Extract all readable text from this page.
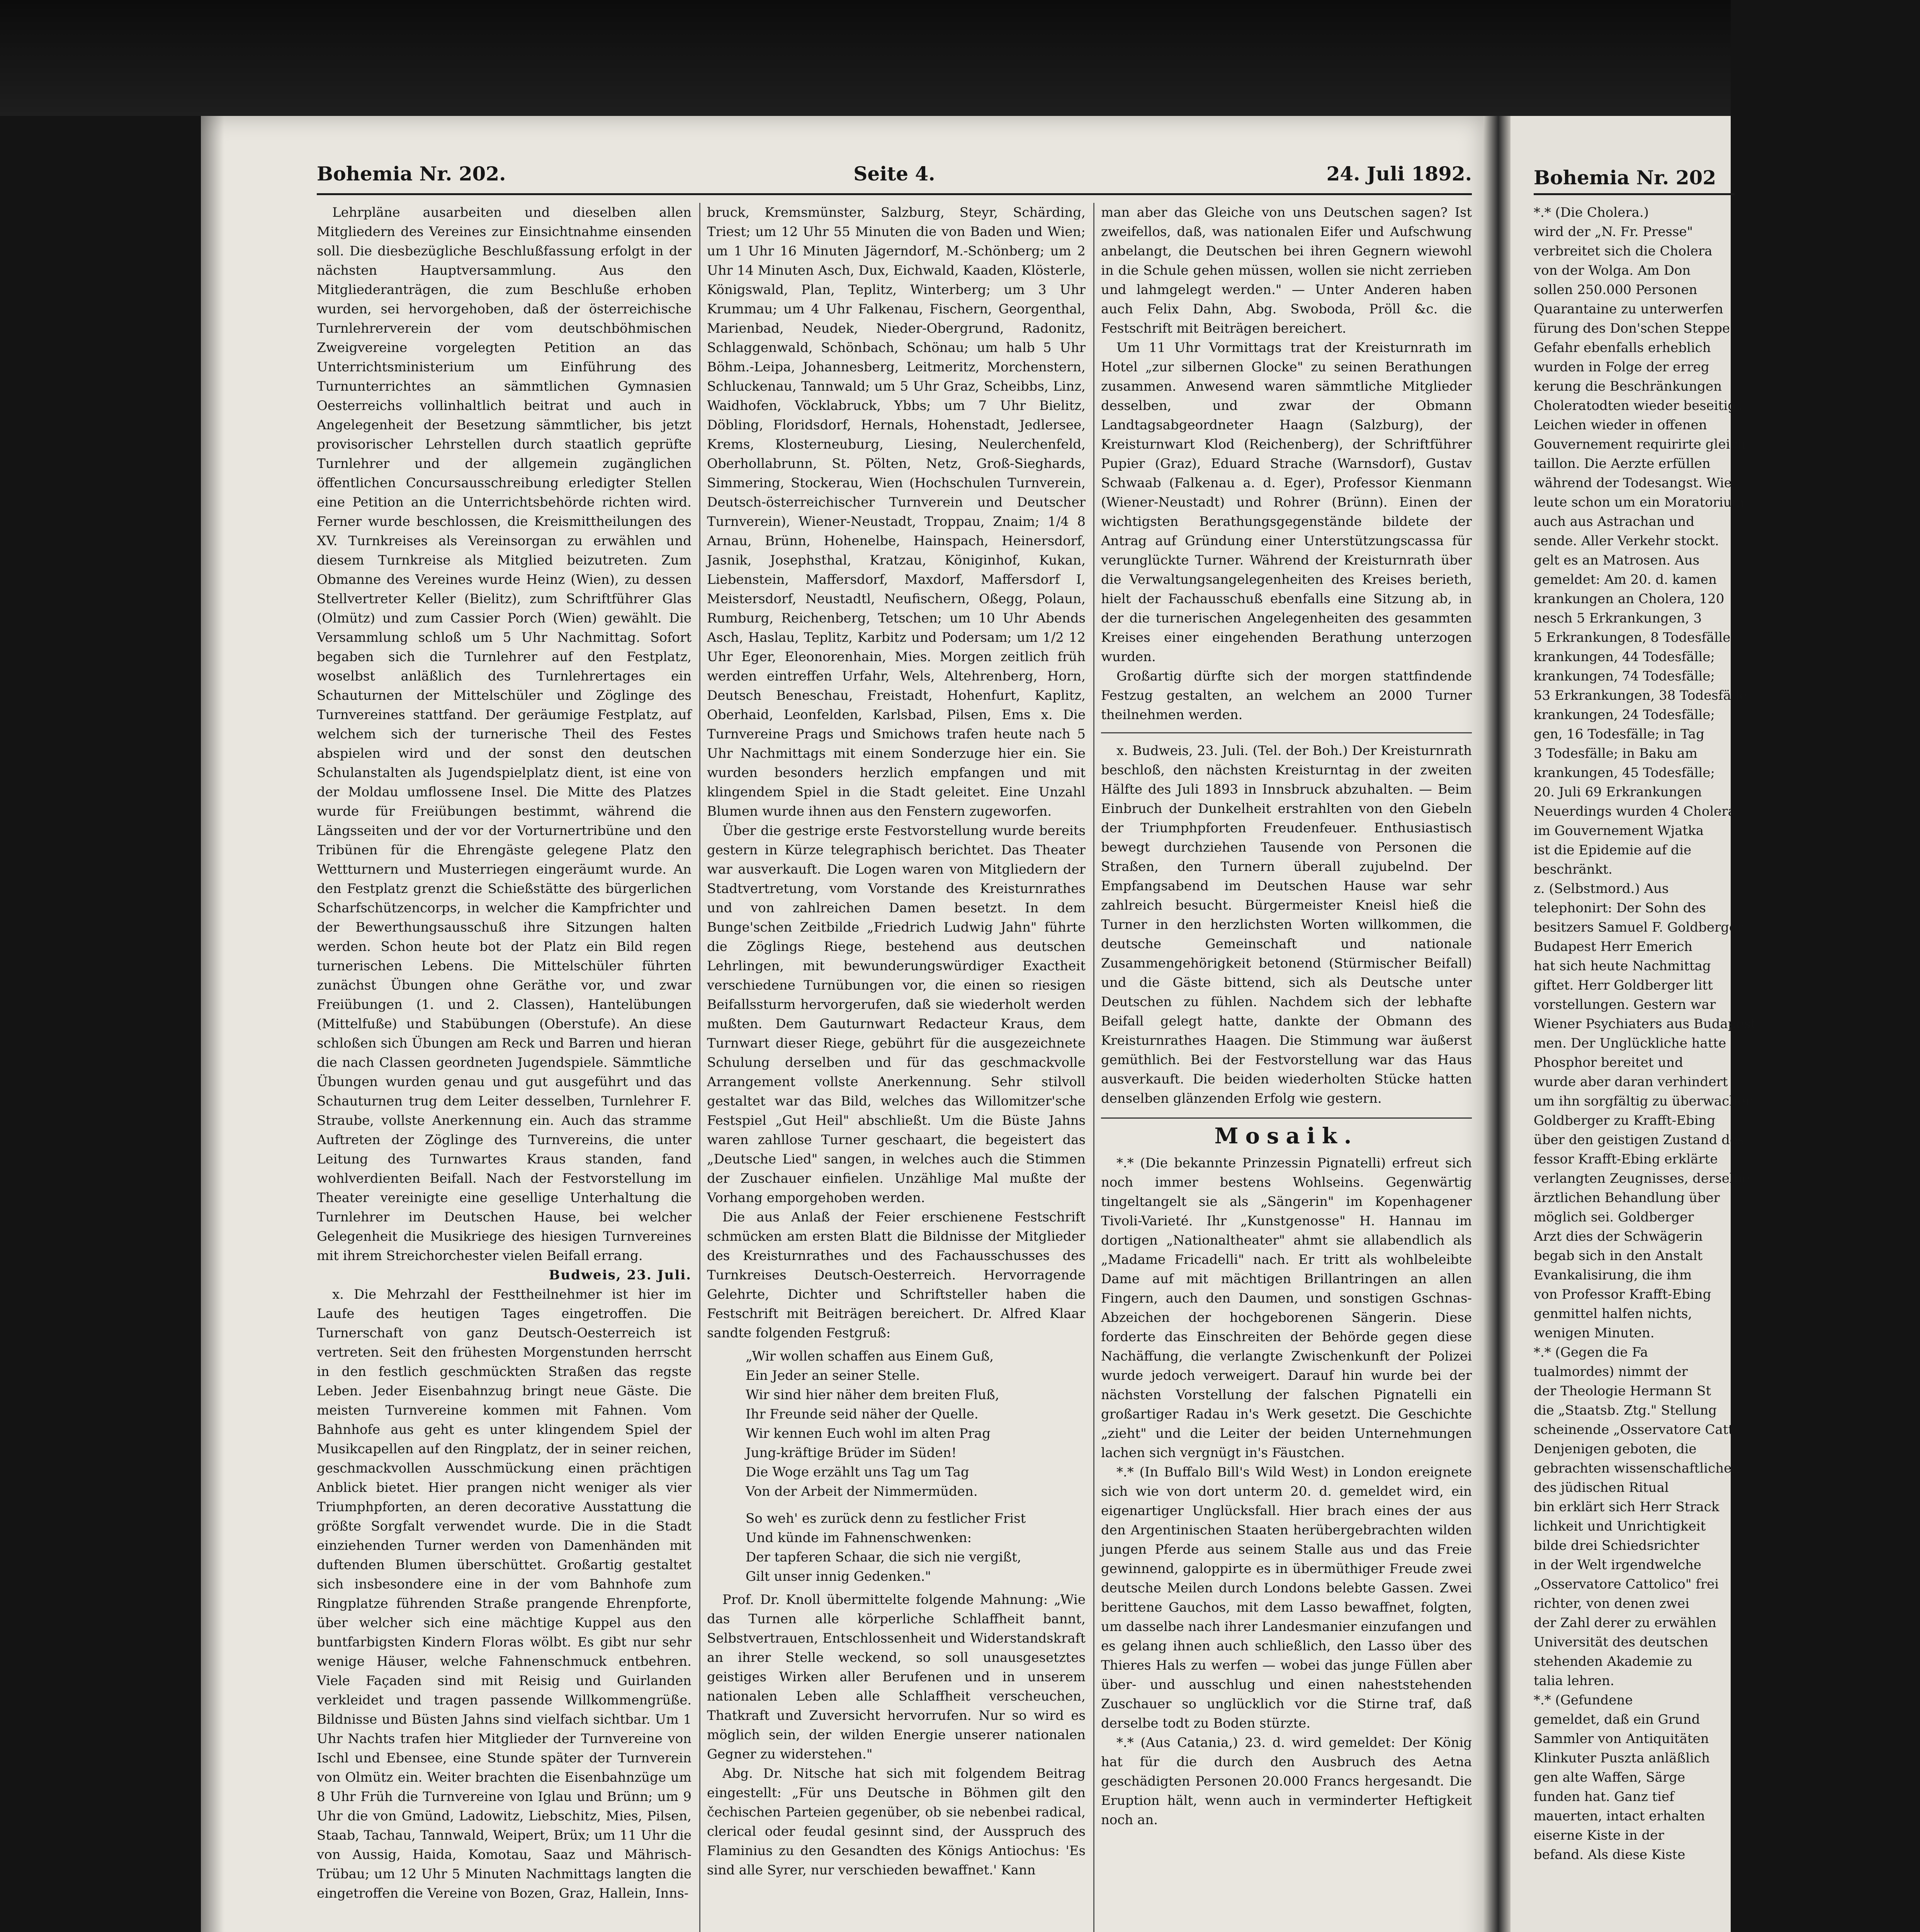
Bohemia Nr. 202.	Seite 4.	24. Juli 1892.

Lehrpläne ausarbeiten und dieselben allen Mitgliedern des Vereines zur Einsichtnahme einsenden soll. Die diesbezügliche Beschlußfassung erfolgt in der nächsten Hauptversammlung. Aus den Mitgliederanträgen, die zum Beschluße erhoben wurden, sei hervorgehoben, daß der österreichische Turnlehrerverein der vom deutschböhmischen Zweigvereine vorgelegten Petition an das Unterrichtsministerium um Einführung des Turnunterrichtes an sämmtlichen Gymnasien Oesterreichs vollinhaltlich beitrat und auch in Angelegenheit der Besetzung sämmtlicher, bis jetzt provisorischer Lehrstellen durch staatlich geprüfte Turnlehrer und der allgemein zugänglichen öffentlichen Concursausschreibung erledigter Stellen eine Petition an die Unterrichtsbehörde richten wird. Ferner wurde beschlossen, die Kreismittheilungen des XV. Turnkreises als Vereinsorgan zu erwählen und diesem Turnkreise als Mitglied beizutreten. Zum Obmanne des Vereines wurde Heinz (Wien), zu dessen Stellvertreter Keller (Bielitz), zum Schriftführer Glas (Olmütz) und zum Cassier Porch (Wien) gewählt. Die Versammlung schloß um 5 Uhr Nachmittag. Sofort begaben sich die Turnlehrer auf den Festplatz, woselbst anläßlich des Turnlehrertages ein Schauturnen der Mittelschüler und Zöglinge des Turnvereines stattfand. Der geräumige Festplatz, auf welchem sich der turnerische Theil des Festes abspielen wird und der sonst den deutschen Schulanstalten als Jugendspielplatz dient, ist eine von der Moldau umflossene Insel. Die Mitte des Platzes wurde für Freiübungen bestimmt, während die Längsseiten und der vor der Vorturnertribüne und den Tribünen für die Ehrengäste gelegene Platz den Wettturnern und Musterriegen eingeräumt wurde. An den Festplatz grenzt die Schießstätte des bürgerlichen Scharfschützencorps, in welcher die Kampfrichter und der Bewerthungsausschuß ihre Sitzungen halten werden. Schon heute bot der Platz ein Bild regen turnerischen Lebens. Die Mittelschüler führten zunächst Übungen ohne Geräthe vor, und zwar Freiübungen (1. und 2. Classen), Hantelübungen (Mittelfuße) und Stabübungen (Oberstufe). An diese schloßen sich Übungen am Reck und Barren und hieran die nach Classen geordneten Jugendspiele. Sämmtliche Übungen wurden genau und gut ausgeführt und das Schauturnen trug dem Leiter desselben, Turnlehrer F. Straube, vollste Anerkennung ein. Auch das stramme Auftreten der Zöglinge des Turnvereins, die unter Leitung des Turnwartes Kraus standen, fand wohlverdienten Beifall. Nach der Festvorstellung im Theater vereinigte eine gesellige Unterhaltung die Turnlehrer im Deutschen Hause, bei welcher Gelegenheit die Musikriege des hiesigen Turnvereines mit ihrem Streichorchester vielen Beifall errang.

Budweis, 23. Juli.

x. Die Mehrzahl der Festtheilnehmer ist hier im Laufe des heutigen Tages eingetroffen. Die Turnerschaft von ganz Deutsch-Oesterreich ist vertreten. Seit den frühesten Morgenstunden herrscht in den festlich geschmückten Straßen das regste Leben. Jeder Eisenbahnzug bringt neue Gäste. Die meisten Turnvereine kommen mit Fahnen. Vom Bahnhofe aus geht es unter klingendem Spiel der Musikcapellen auf den Ringplatz, der in seiner reichen, geschmackvollen Ausschmückung einen prächtigen Anblick bietet. Hier prangen nicht weniger als vier Triumphpforten, an deren decorative Ausstattung die größte Sorgfalt verwendet wurde. Die in die Stadt einziehenden Turner werden von Damenhänden mit duftenden Blumen überschüttet. Großartig gestaltet sich insbesondere eine in der vom Bahnhofe zum Ringplatze führenden Straße prangende Ehrenpforte, über welcher sich eine mächtige Kuppel aus den buntfarbigsten Kindern Floras wölbt. Es gibt nur sehr wenige Häuser, welche Fahnenschmuck entbehren. Viele Façaden sind mit Reisig und Guirlanden verkleidet und tragen passende Willkommengrüße. Bildnisse und Büsten Jahns sind vielfach sichtbar. Um 1 Uhr Nachts trafen hier Mitglieder der Turnvereine von Ischl und Ebensee, eine Stunde später der Turnverein von Olmütz ein. Weiter brachten die Eisenbahnzüge um 8 Uhr Früh die Turnvereine von Iglau und Brünn; um 9 Uhr die von Gmünd, Ladowitz, Liebschitz, Mies, Pilsen, Staab, Tachau, Tannwald, Weipert, Brüx; um 11 Uhr die von Aussig, Haida, Komotau, Saaz und Mährisch-Trübau; um 12 Uhr 5 Minuten Nachmittags langten die eingetroffen die Vereine von Bozen, Graz, Hallein, Inns-

bruck, Kremsmünster, Salzburg, Steyr, Schärding, Triest; um 12 Uhr 55 Minuten die von Baden und Wien; um 1 Uhr 16 Minuten Jägerndorf, M.-Schönberg; um 2 Uhr 14 Minuten Asch, Dux, Eichwald, Kaaden, Klösterle, Königswald, Plan, Teplitz, Winterberg; um 3 Uhr Krummau; um 4 Uhr Falkenau, Fischern, Georgenthal, Marienbad, Neudek, Nieder-Obergrund, Radonitz, Schlaggenwald, Schönbach, Schönau; um halb 5 Uhr Böhm.-Leipa, Johannesberg, Leitmeritz, Morchenstern, Schluckenau, Tannwald; um 5 Uhr Graz, Scheibbs, Linz, Waidhofen, Vöcklabruck, Ybbs; um 7 Uhr Bielitz, Döbling, Floridsdorf, Hernals, Hohenstadt, Jedlersee, Krems, Klosterneuburg, Liesing, Neulerchenfeld, Oberhollabrunn, St. Pölten, Netz, Groß-Sieghards, Simmering, Stockerau, Wien (Hochschulen Turnverein, Deutsch-österreichischer Turnverein und Deutscher Turnverein), Wiener-Neustadt, Troppau, Znaim; 1/4 8 Arnau, Brünn, Hohenelbe, Hainspach, Heinersdorf, Jasnik, Josephsthal, Kratzau, Königinhof, Kukan, Liebenstein, Maffersdorf, Maxdorf, Maffersdorf I, Meistersdorf, Neustadtl, Neufischern, Oßegg, Polaun, Rumburg, Reichenberg, Tetschen; um 10 Uhr Abends Asch, Haslau, Teplitz, Karbitz und Podersam; um 1/2 12 Uhr Eger, Eleonorenhain, Mies. Morgen zeitlich früh werden eintreffen Urfahr, Wels, Altehrenberg, Horn, Deutsch Beneschau, Freistadt, Hohenfurt, Kaplitz, Oberhaid, Leonfelden, Karlsbad, Pilsen, Ems x. Die Turnvereine Prags und Smichows trafen heute nach 5 Uhr Nachmittags mit einem Sonderzuge hier ein. Sie wurden besonders herzlich empfangen und mit klingendem Spiel in die Stadt geleitet. Eine Unzahl Blumen wurde ihnen aus den Fenstern zugeworfen.

Über die gestrige erste Festvorstellung wurde bereits gestern in Kürze telegraphisch berichtet. Das Theater war ausverkauft. Die Logen waren von Mitgliedern der Stadtvertretung, vom Vorstande des Kreisturnrathes und von zahlreichen Damen besetzt. In dem Bunge'schen Zeitbilde „Friedrich Ludwig Jahn" führte die Zöglings Riege, bestehend aus deutschen Lehrlingen, mit bewunderungswürdiger Exactheit verschiedene Turnübungen vor, die einen so riesigen Beifallssturm hervorgerufen, daß sie wiederholt werden mußten. Dem Gauturnwart Redacteur Kraus, dem Turnwart dieser Riege, gebührt für die ausgezeichnete Schulung derselben und für das geschmackvolle Arrangement vollste Anerkennung. Sehr stilvoll gestaltet war das Bild, welches das Willomitzer'sche Festspiel „Gut Heil" abschließt. Um die Büste Jahns waren zahllose Turner geschaart, die begeistert das „Deutsche Lied" sangen, in welches auch die Stimmen der Zuschauer einfielen. Unzählige Mal mußte der Vorhang emporgehoben werden.

Die aus Anlaß der Feier erschienene Festschrift schmücken am ersten Blatt die Bildnisse der Mitglieder des Kreisturnrathes und des Fachausschusses des Turnkreises Deutsch-Oesterreich. Hervorragende Gelehrte, Dichter und Schriftsteller haben die Festschrift mit Beiträgen bereichert. Dr. Alfred Klaar sandte folgenden Festgruß:

„Wir wollen schaffen aus Einem Guß,
Ein Jeder an seiner Stelle.
Wir sind hier näher dem breiten Fluß,
Ihr Freunde seid näher der Quelle.
Wir kennen Euch wohl im alten Prag
Jung-kräftige Brüder im Süden!
Die Woge erzählt uns Tag um Tag
Von der Arbeit der Nimmermüden.
So weh' es zurück denn zu festlicher Frist
Und künde im Fahnenschwenken:
Der tapferen Schaar, die sich nie vergißt,
Gilt unser innig Gedenken."

Prof. Dr. Knoll übermittelte folgende Mahnung: „Wie das Turnen alle körperliche Schlaffheit bannt, Selbstvertrauen, Entschlossenheit und Widerstandskraft an ihrer Stelle weckend, so soll unausgesetztes geistiges Wirken aller Berufenen und in unserem nationalen Leben alle Schlaffheit verscheuchen, Thatkraft und Zuversicht hervorrufen. Nur so wird es möglich sein, der wilden Energie unserer nationalen Gegner zu widerstehen."

Abg. Dr. Nitsche hat sich mit folgendem Beitrag eingestellt: „Für uns Deutsche in Böhmen gilt den čechischen Parteien gegenüber, ob sie nebenbei radical, clerical oder feudal gesinnt sind, der Ausspruch des Flaminius zu den Gesandten des Königs Antiochus: 'Es sind alle Syrer, nur verschieden bewaffnet.' Kann

man aber das Gleiche von uns Deutschen sagen? Ist zweifellos, daß, was nationalen Eifer und Aufschwung anbelangt, die Deutschen bei ihren Gegnern wiewohl in die Schule gehen müssen, wollen sie nicht zerrieben und lahmgelegt werden." — Unter Anderen haben auch Felix Dahn, Abg. Swoboda, Pröll &c. die Festschrift mit Beiträgen bereichert.

Um 11 Uhr Vormittags trat der Kreisturnrath im Hotel „zur silbernen Glocke" zu seinen Berathungen zusammen. Anwesend waren sämmtliche Mitglieder desselben, und zwar der Obmann Landtagsabgeordneter Haagn (Salzburg), der Kreisturnwart Klod (Reichenberg), der Schriftführer Pupier (Graz), Eduard Strache (Warnsdorf), Gustav Schwaab (Falkenau a. d. Eger), Professor Kienmann (Wiener-Neustadt) und Rohrer (Brünn). Einen der wichtigsten Berathungsgegenstände bildete der Antrag auf Gründung einer Unterstützungscassa für verunglückte Turner. Während der Kreisturnrath über die Verwaltungsangelegenheiten des Kreises berieth, hielt der Fachausschuß ebenfalls eine Sitzung ab, in der die turnerischen Angelegenheiten des gesammten Kreises einer eingehenden Berathung unterzogen wurden.

Großartig dürfte sich der morgen stattfindende Festzug gestalten, an welchem an 2000 Turner theilnehmen werden.

x. Budweis, 23. Juli. (Tel. der Boh.) Der Kreisturnrath beschloß, den nächsten Kreisturntag in der zweiten Hälfte des Juli 1893 in Innsbruck abzuhalten. — Beim Einbruch der Dunkelheit erstrahlten von den Giebeln der Triumphpforten Freudenfeuer. Enthusiastisch bewegt durchziehen Tausende von Personen die Straßen, den Turnern überall zujubelnd. Der Empfangsabend im Deutschen Hause war sehr zahlreich besucht. Bürgermeister Kneisl hieß die Turner in den herzlichsten Worten willkommen, die deutsche Gemeinschaft und nationale Zusammengehörigkeit betonend (Stürmischer Beifall) und die Gäste bittend, sich als Deutsche unter Deutschen zu fühlen. Nachdem sich der lebhafte Beifall gelegt hatte, dankte der Obmann des Kreisturnrathes Haagen. Die Stimmung war äußerst gemüthlich. Bei der Festvorstellung war das Haus ausverkauft. Die beiden wiederholten Stücke hatten denselben glänzenden Erfolg wie gestern.

Mosaik.

*.* (Die bekannte Prinzessin Pignatelli) erfreut sich noch immer bestens Wohlseins. Gegenwärtig tingeltangelt sie als „Sängerin" im Kopenhagener Tivoli-Varieté. Ihr „Kunstgenosse" H. Hannau im dortigen „Nationaltheater" ahmt sie allabendlich als „Madame Fricadelli" nach. Er tritt als wohlbeleibte Dame auf mit mächtigen Brillantringen an allen Fingern, auch den Daumen, und sonstigen Gschnas-Abzeichen der hochgeborenen Sängerin. Diese forderte das Einschreiten der Behörde gegen diese Nachäffung, die verlangte Zwischenkunft der Polizei wurde jedoch verweigert. Darauf hin wurde bei der nächsten Vorstellung der falschen Pignatelli ein großartiger Radau in's Werk gesetzt. Die Geschichte „zieht" und die Leiter der beiden Unternehmungen lachen sich vergnügt in's Fäustchen.

*.* (In Buffalo Bill's Wild West) in London ereignete sich wie von dort unterm 20. d. gemeldet wird, ein eigenartiger Unglücksfall. Hier brach eines der aus den Argentinischen Staaten herübergebrachten wilden jungen Pferde aus seinem Stalle aus und das Freie gewinnend, galoppirte es in übermüthiger Freude zwei deutsche Meilen durch Londons belebte Gassen. Zwei berittene Gauchos, mit dem Lasso bewaffnet, folgten, um dasselbe nach ihrer Landesmanier einzufangen und es gelang ihnen auch schließlich, den Lasso über des Thieres Hals zu werfen — wobei das junge Füllen aber über- und ausschlug und einen naheststehenden Zuschauer so unglücklich vor die Stirne traf, daß derselbe todt zu Boden stürzte.

*.* (Aus Catania,) 23. d. wird gemeldet: Der König hat für die durch den Ausbruch des Aetna geschädigten Personen 20.000 Francs hergesandt. Die Eruption hält, wenn auch in verminderter Heftigkeit noch an.

Bohemia Nr. 202
*.* (Die Cholera.)
wird der „N. Fr. Presse"
verbreitet sich die Cholera
von der Wolga. Am Don
sollen 250.000 Personen
Quarantaine zu unterwerfen
fürung des Don'schen Steppe
Gefahr ebenfalls erheblich
wurden in Folge der erreg
kerung die Beschränkungen
Choleratodten wieder beseitigt
Leichen wieder in offenen
Gouvernement requirirte gleich
taillon. Die Aerzte erfüllen
während der Todesangst. Wie
leute schon um ein Moratorium
auch aus Astrachan und
sende. Aller Verkehr stockt.
gelt es an Matrosen. Aus
gemeldet: Am 20. d. kamen
krankungen an Cholera, 120
nesch 5 Erkrankungen, 3
5 Erkrankungen, 8 Todesfälle
krankungen, 44 Todesfälle;
krankungen, 74 Todesfälle;
53 Erkrankungen, 38 Todesfälle
krankungen, 24 Todesfälle;
gen, 16 Todesfälle; in Tag
3 Todesfälle; in Baku am
krankungen, 45 Todesfälle;
20. Juli 69 Erkrankungen
Neuerdings wurden 4 Cholera
im Gouvernement Wjatka
ist die Epidemie auf die
beschränkt.
z. (Selbstmord.) Aus
telephonirt: Der Sohn des
besitzers Samuel F. Goldberger
Budapest Herr Emerich
hat sich heute Nachmittag
giftet. Herr Goldberger litt
vorstellungen. Gestern war
Wiener Psychiaters aus Budapest
men. Der Unglückliche hatte
Phosphor bereitet und
wurde aber daran verhindert
um ihn sorgfältig zu überwachen
Goldberger zu Krafft-Ebing
über den geistigen Zustand des
fessor Krafft-Ebing erklärte
verlangten Zeugnisses, derselbe
ärztlichen Behandlung über
möglich sei. Goldberger
Arzt dies der Schwägerin
begab sich in den Anstalt
Evankalisirung, die ihm
von Professor Krafft-Ebing
genmittel halfen nichts,
wenigen Minuten.
*.* (Gegen die Fa
tualmordes) nimmt der
der Theologie Hermann St
die „Staatsb. Ztg." Stellung
scheinende „Osservatore Catt
Denjenigen geboten, die
gebrachten wissenschaftlichen
des jüdischen Ritual
bin erklärt sich Herr Strack
lichkeit und Unrichtigkeit
bilde drei Schiedsrichter
in der Welt irgendwelche
„Osservatore Cattolico" frei
richter, von denen zwei
der Zahl derer zu erwählen
Universität des deutschen
stehenden Akademie zu
talia lehren.
*.* (Gefundene
gemeldet, daß ein Grund
Sammler von Antiquitäten
Klinkuter Puszta anläßlich
gen alte Waffen, Särge
funden hat. Ganz tief
mauerten, intact erhalten
eiserne Kiste in der
befand. Als diese Kiste
